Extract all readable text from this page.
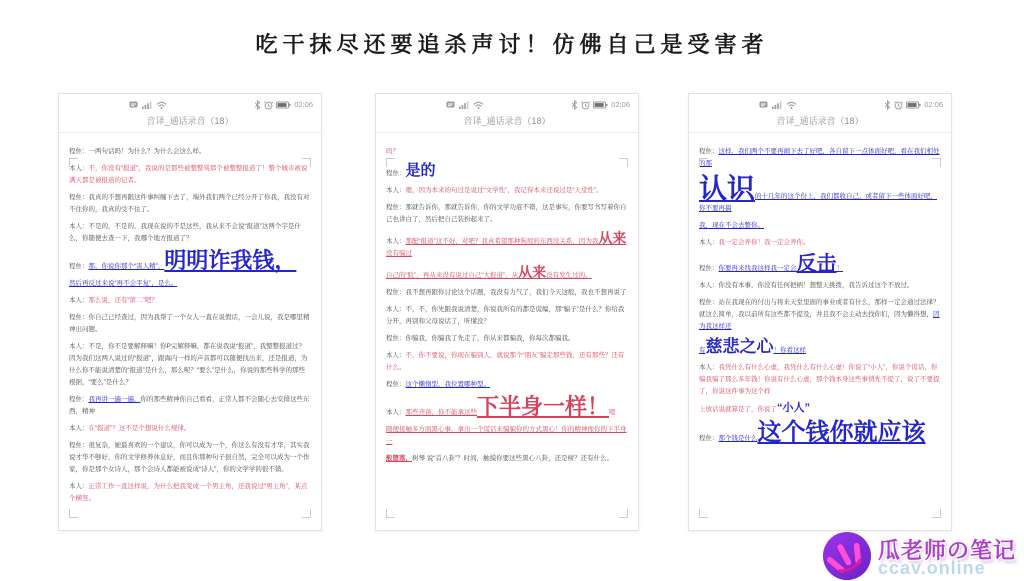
吃干抹尽还要追杀声讨！仿佛自己是受害者
02:06
音译_通话录音（18）

程隹：一两句话吗！为什么？为什么会这么样。

本人：不，你没有“报道”，我说的是那些被整整骂那个被整整报道了！整个城市被说满天都是被报道的记者。

程隹：我真的不想再跟这件事纠缠下去了，端外我们两个已经分开了你我，我没有对不住你的，我真的受不住了。

本人：不是的，不是的，我现在说的不是这些，我从来不会说“报道”这两个字是什么，你随便去查一下，我哪个地方报道了？

程隹：那，你说你那个“害人精”，明明诈我钱，

然后再反过来说“再不会平复”，是么。

本人：那么说，还有“第二”吧？

程隹：你自己已经查过，因为我帮了一个女人一直在说假话，一会儿说，我是哪里精神出问题。

本人：不是，你不是要解释嘛！你P完解释嘛，都在说我说“报道”，我整整报道过？因为我们这两人说过的“报道”，跟海内一样的声音都可以随便找出来，还是报道，为什么你不能说清楚的“报道”是什么，那么呢？“要么”是什么，你说的那些科学的那些根据，“要么”是什么？

程隹：我再讲一遍一遍，你的那些精神你自己看看，正常人都不会随心去安排这些东西，精神

本人：在“报道”？这不是个想说什么规律。

程隹：很复杂，她最喜欢的一个建议，你可以成为一个，你这么有没有才华，其实我说才华不够好，你的文学修养休息好，而且你那种句子很自然，完全可以成为一个作家，你是那个女诗人，那个会诗人都能被说成“诗人”，你的文学学的很不错。

本人：正常工作一直这样说，为什么把我变成一个男主角，还我说过“男主角”，某点个横竖。

02:06
音译_通话录音（18）

吗？

程隹：是的

本人：嗯，因为本来的句过是说过“文学性”，我记得本来还说过是“天堂性”。

程隹：那就告诉你，那就告诉你，你的文学功底不错，这是事实，你要写书写着你自己也讲白了，然后把自己装扮起来了。

本人：那配“报道”这不好，对吧？我真希望那种狗屁的东西没关系，因为我从来没有骗过

自己的“脸”，再从来没有说过自己“大报道”，从从来没有发生过的。

程隹：我不想再跟你讨论这个话题，我没有力气了，我们今天这般，我也不想再说了

本人：不，不，你先跟我说清楚，你说我所有的都是谎编，那“骗子”是什么？你给我分开，再别和父母说话了，听懂没？

程隹：你骗我，你骗我了先走了，你从来都骗我，你每次都骗我。

本人：不，你不要说，你现在骗别人，就说那个“朋友”骗走那些钱，还有那些？还有什么。

程隹：这个懒惰型，我位置哪种型。

本人：那些齐备，你不能拿这些下半身一样！嗯

随便接触多方面黑心事，拿出一个谎话来骗骗你的方式黑心！你的精神像你的下半身一

般堕落，树琴 说“首八卦”？时间，触摸你要这些黑心八卦，还是树？还有什么。

02:06
音译_通话录音（18）

程隹：这样，我们两个不要再闹下去了好吧，各自留下一点体面好吧，看在我们相处的那

认识的十几年的这个份上，我们都收自己，或者留下一些体面好吧，你不要再搞

我，现在不会去整你。

本人：我一定会弄你！我一定会弄你。

程隹：你要再来找我这样我一定会反击！

本人：你没有本事，你没有任何把柄！想整天挑拨，我告诉过这个不放过。

程隹：站在我现在的付出与将来天堂里面的事业或者有什么，那样一定会通过法律？就这么简单，我以前所有这些都不提及，并且我不会主动去找你们，因为懒得想，因为我这样还

有慈悲之心！你看这样

本人：我凭什么有什么心虚，我凭什么有什么心虚！你说了“小人”，你说个谎话，你骗我骗了那么多年钱！你说有什么心虚，那个钱本身这些事情先不提了，说了不要提了，你说这件事为这个样

上放话说就算是了，你说了“小人”

程隹：那个钱是什么这个钱你就应该

瓜老师の笔记
ccav.online
